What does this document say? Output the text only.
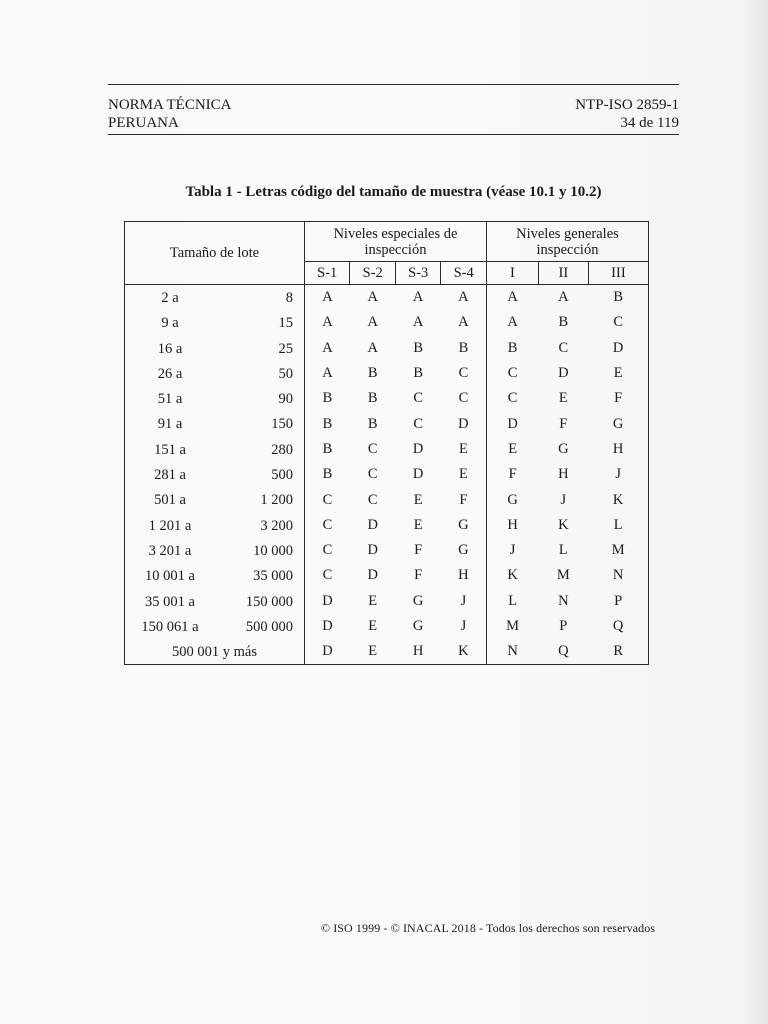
NORMA TÉCNICA
PERUANA
NTP-ISO 2859-1
34 de 119
Tabla 1 - Letras código del tamaño de muestra (véase 10.1 y 10.2)
Tamaño de lote	Niveles especiales de inspección				Niveles generales inspección		
	S-1	S-2	S-3	S-4	I	II	III

2 a 8	A	A	A	A	A	A	B

9 a 15	A	A	A	A	A	B	C

16 a 25	A	A	B	B	B	C	D

26 a 50	A	B	B	C	C	D	E

51 a 90	B	B	C	C	C	E	F

91 a 150	B	B	C	D	D	F	G

151 a 280	B	C	D	E	E	G	H

281 a 500	B	C	D	E	F	H	J

501 a 1 200	C	C	E	F	G	J	K

1 201 a 3 200	C	D	E	G	H	K	L

3 201 a 10 000	C	D	F	G	J	L	M

10 001 a 35 000	C	D	F	H	K	M	N

35 001 a 150 000	D	E	G	J	L	N	P

150 061 a 500 000	D	E	G	J	M	P	Q

500 001 y más	D	E	H	K	N	Q	R
© ISO 1999 - © INACAL 2018 - Todos los derechos son reservados
